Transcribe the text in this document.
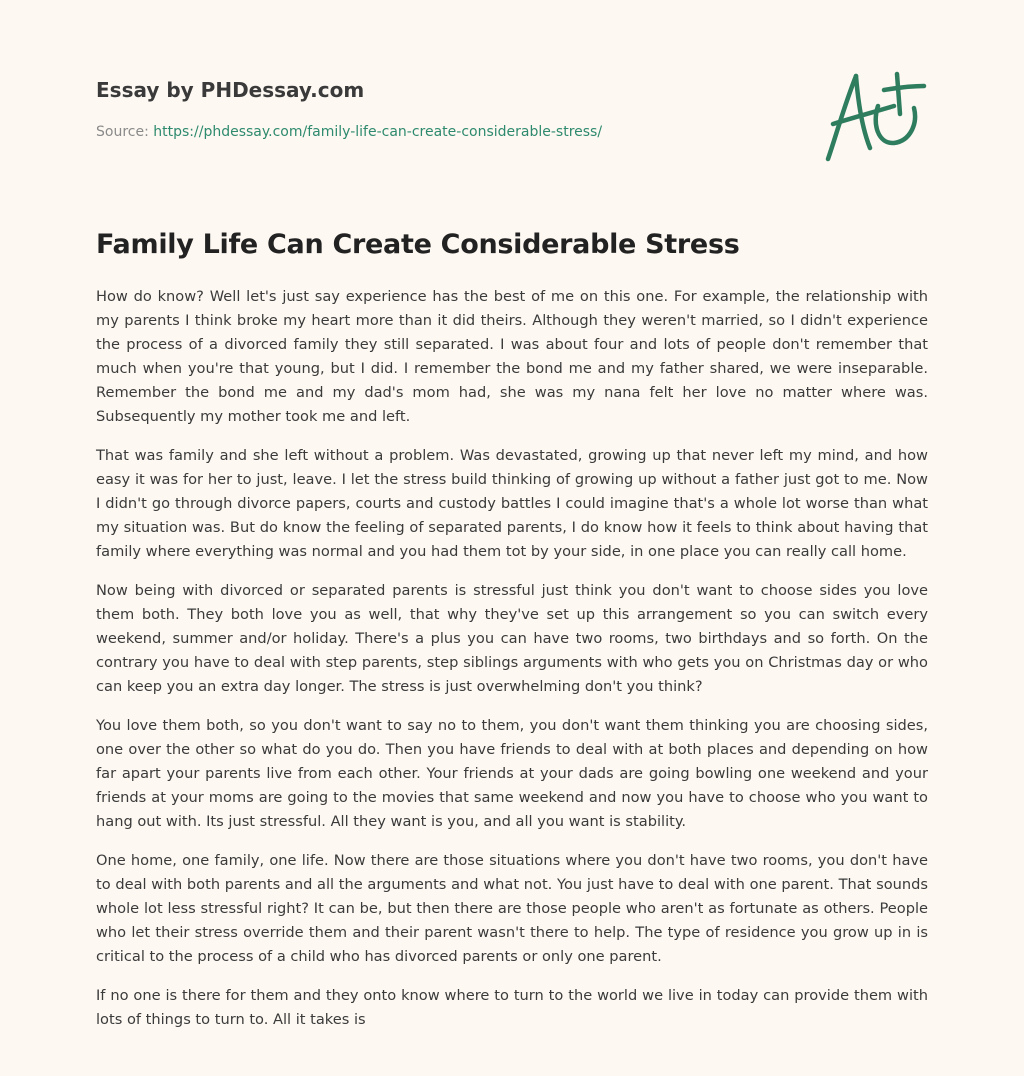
Essay by PHDessay.com

Source: https://phdessay.com/family-life-can-create-considerable-stress/
Family Life Can Create Considerable Stress

How do know? Well let's just say experience has the best of me on this one. For example, the relationship with my parents I think broke my heart more than it did theirs. Although they weren't married, so I didn't experience the process of a divorced family they still separated. I was about four and lots of people don't remember that much when you're that young, but I did. I remember the bond me and my father shared, we were inseparable. Remember the bond me and my dad's mom had, she was my nana felt her love no matter where was. Subsequently my mother took me and left.

That was family and she left without a problem. Was devastated, growing up that never left my mind, and how easy it was for her to just, leave. I let the stress build thinking of growing up without a father just got to me. Now I didn't go through divorce papers, courts and custody battles I could imagine that's a whole lot worse than what my situation was. But do know the feeling of separated parents, I do know how it feels to think about having that family where everything was normal and you had them tot by your side, in one place you can really call home.

Now being with divorced or separated parents is stressful just think you don't want to choose sides you love them both. They both love you as well, that why they've set up this arrangement so you can switch every weekend, summer and/or holiday. There's a plus you can have two rooms, two birthdays and so forth. On the contrary you have to deal with step parents, step siblings arguments with who gets you on Christmas day or who can keep you an extra day longer. The stress is just overwhelming don't you think?

You love them both, so you don't want to say no to them, you don't want them thinking you are choosing sides, one over the other so what do you do. Then you have friends to deal with at both places and depending on how far apart your parents live from each other. Your friends at your dads are going bowling one weekend and your friends at your moms are going to the movies that same weekend and now you have to choose who you want to hang out with. Its just stressful. All they want is you, and all you want is stability.

One home, one family, one life. Now there are those situations where you don't have two rooms, you don't have to deal with both parents and all the arguments and what not. You just have to deal with one parent. That sounds whole lot less stressful right? It can be, but then there are those people who aren't as fortunate as others. People who let their stress override them and their parent wasn't there to help. The type of residence you grow up in is critical to the process of a child who has divorced parents or only one parent.

If no one is there for them and they onto know where to turn to the world we live in today can provide them with lots of things to turn to. All it takes is
